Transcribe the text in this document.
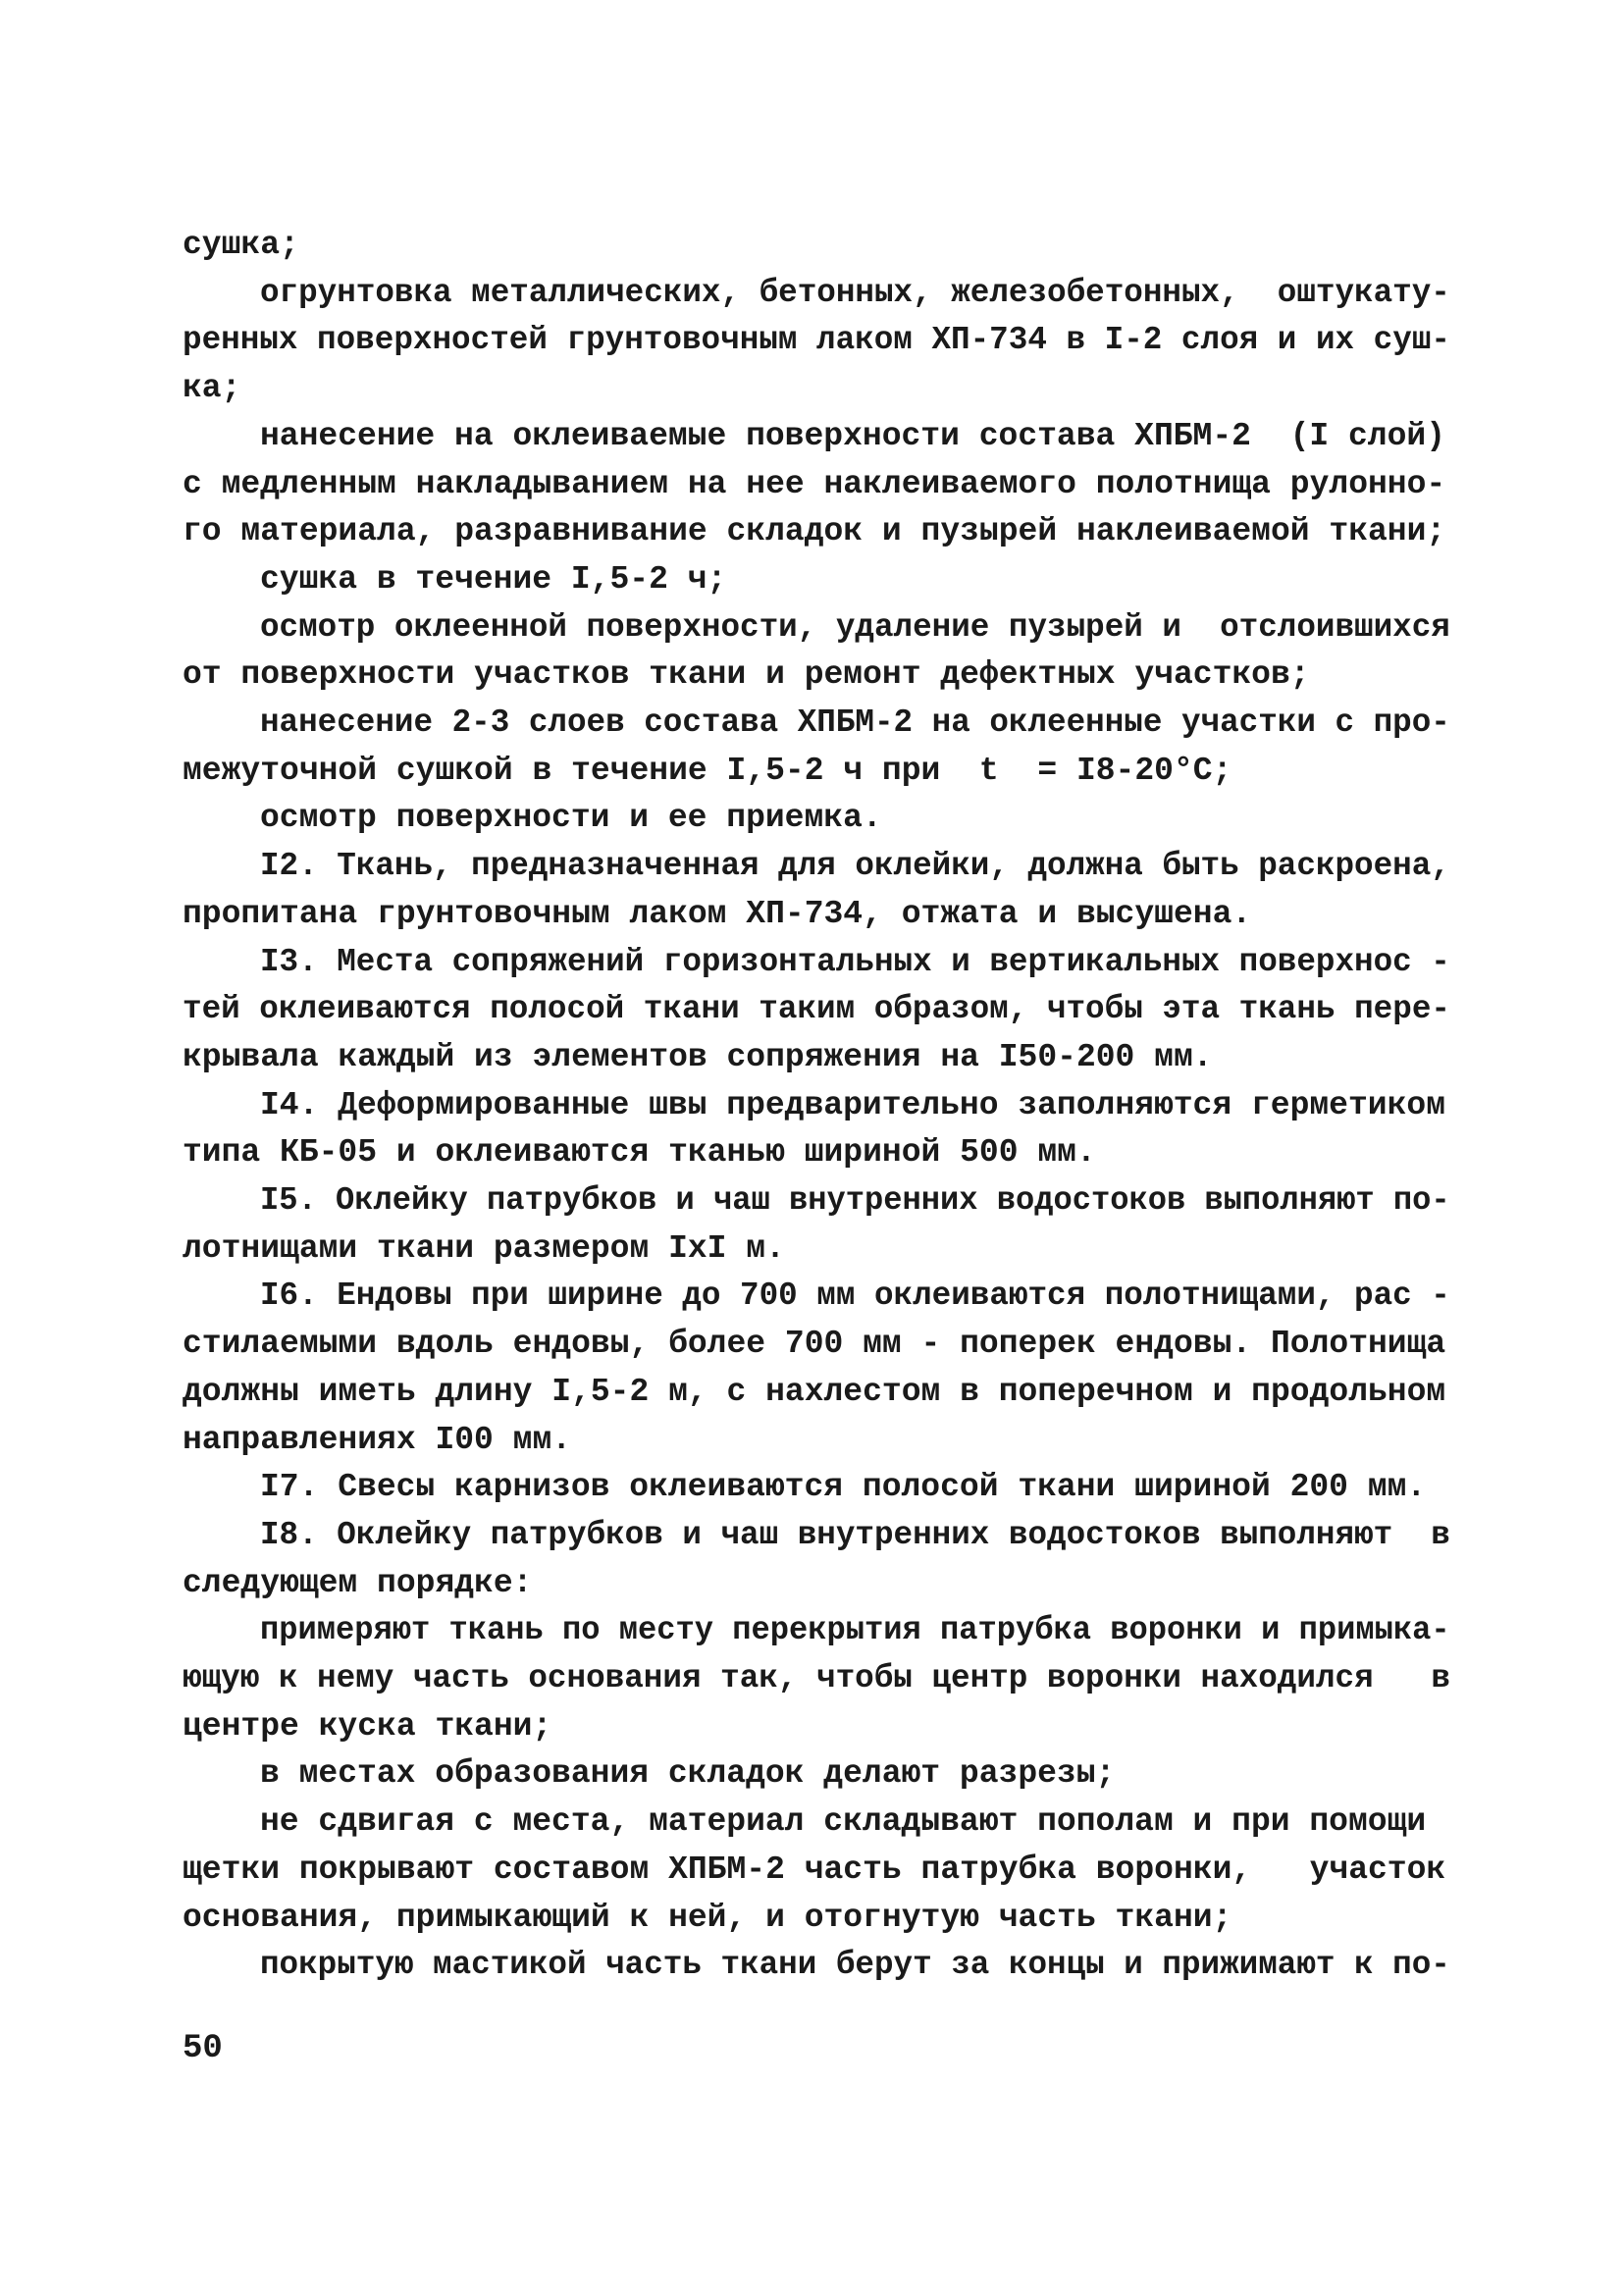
сушка;
огрунтовка металлических, бетонных, железобетонных,  оштукату-
ренных поверхностей грунтовочным лаком ХП-734 в I-2 слоя и их суш-
ка;
нанесение на оклеиваемые поверхности состава ХПБМ-2  (I слой)
с медленным накладыванием на нее наклеиваемого полотнища рулонно-
го материала, разравнивание складок и пузырей наклеиваемой ткани;
сушка в течение I,5-2 ч;
осмотр оклеенной поверхности, удаление пузырей и  отслоившихся
от поверхности участков ткани и ремонт дефектных участков;
нанесение 2-3 слоев состава ХПБМ-2 на оклеенные участки с про-
межуточной сушкой в течение I,5-2 ч при  t  = I8-20°С;
осмотр поверхности и ее приемка.
I2. Ткань, предназначенная для оклейки, должна быть раскроена,
пропитана грунтовочным лаком ХП-734, отжата и высушена.
I3. Места сопряжений горизонтальных и вертикальных поверхнос -
тей оклеиваются полосой ткани таким образом, чтобы эта ткань пере-
крывала каждый из элементов сопряжения на I50-200 мм.
I4. Деформированные швы предварительно заполняются герметиком
типа КБ-05 и оклеиваются тканью шириной 500 мм.
I5. Оклейку патрубков и чаш внутренних водостоков выполняют по-
лотнищами ткани размером IxI м.
I6. Ендовы при ширине до 700 мм оклеиваются полотнищами, рас -
стилаемыми вдоль ендовы, более 700 мм - поперек ендовы. Полотнища
должны иметь длину I,5-2 м, с нахлестом в поперечном и продольном
направлениях I00 мм.
I7. Свесы карнизов оклеиваются полосой ткани шириной 200 мм.
I8. Оклейку патрубков и чаш внутренних водостоков выполняют  в
следующем порядке:
примеряют ткань по месту перекрытия патрубка воронки и примыка-
ющую к нему часть основания так, чтобы центр воронки находился   в
центре куска ткани;
в местах образования складок делают разрезы;
не сдвигая с места, материал складывают пополам и при помощи
щетки покрывают составом ХПБМ-2 часть патрубка воронки,   участок
основания, примыкающий к ней, и отогнутую часть ткани;
покрытую мастикой часть ткани берут за концы и прижимают к по-
50
